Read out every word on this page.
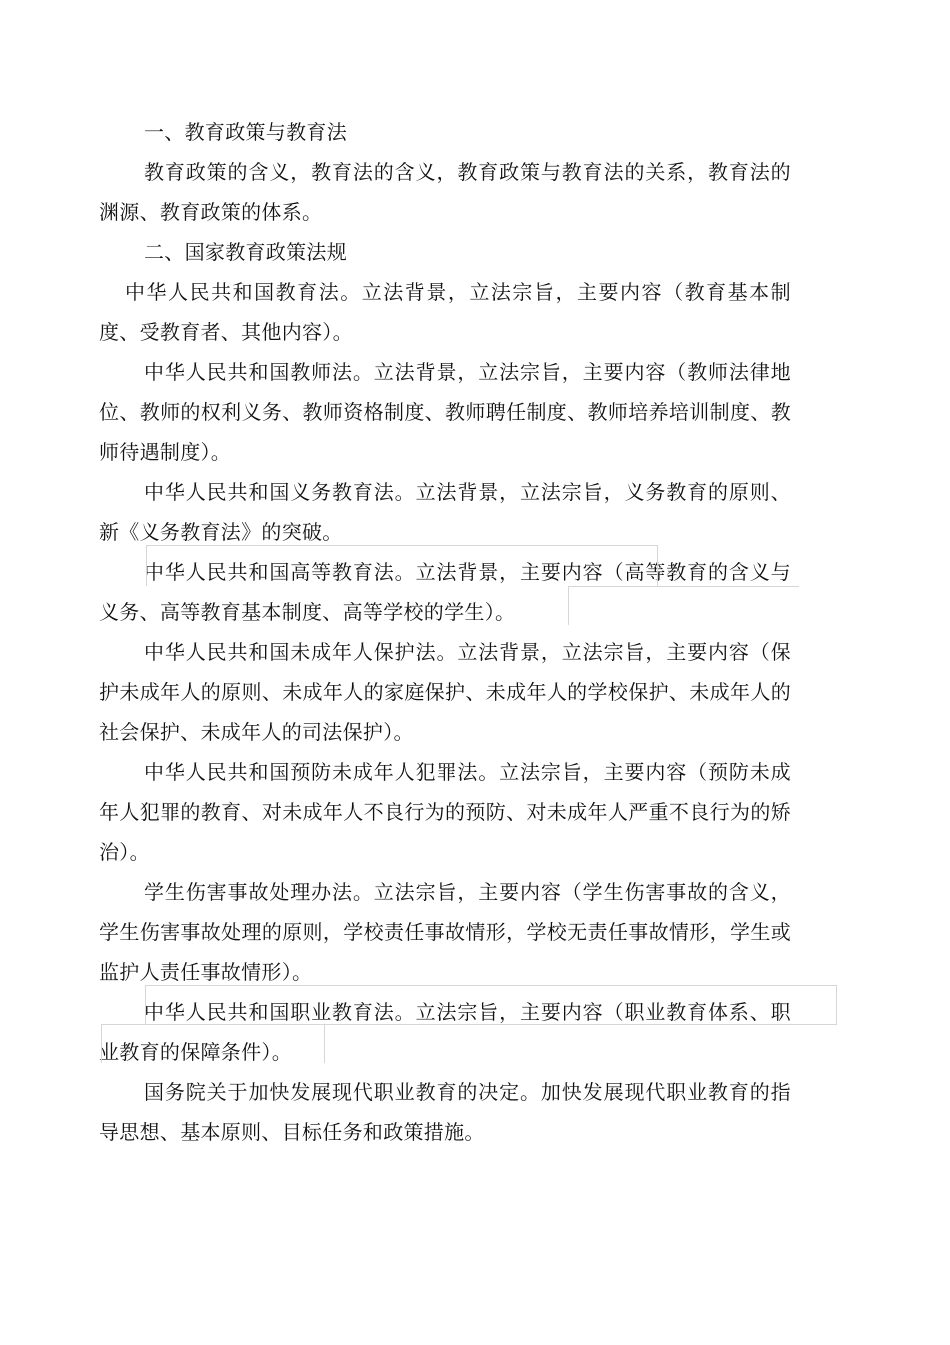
一、教育政策与教育法

教育政策的含义，教育法的含义，教育政策与教育法的关系，教育法的渊源、教育政策的体系。

二、国家教育政策法规

中华人民共和国教育法。立法背景，立法宗旨，主要内容（教育基本制度、受教育者、其他内容）。

中华人民共和国教师法。立法背景，立法宗旨，主要内容（教师法律地位、教师的权利义务、教师资格制度、教师聘任制度、教师培养培训制度、教师待遇制度）。

中华人民共和国义务教育法。立法背景，立法宗旨，义务教育的原则、新《义务教育法》的突破。

中华人民共和国高等教育法。立法背景，主要内容（高等教育的含义与义务、高等教育基本制度、高等学校的学生）。

中华人民共和国未成年人保护法。立法背景，立法宗旨，主要内容（保护未成年人的原则、未成年人的家庭保护、未成年人的学校保护、未成年人的社会保护、未成年人的司法保护）。

中华人民共和国预防未成年人犯罪法。立法宗旨，主要内容（预防未成年人犯罪的教育、对未成年人不良行为的预防、对未成年人严重不良行为的矫治）。

学生伤害事故处理办法。立法宗旨，主要内容（学生伤害事故的含义，学生伤害事故处理的原则，学校责任事故情形，学校无责任事故情形，学生或监护人责任事故情形）。

中华人民共和国职业教育法。立法宗旨，主要内容（职业教育体系、职业教育的保障条件）。

国务院关于加快发展现代职业教育的决定。加快发展现代职业教育的指导思想、基本原则、目标任务和政策措施。
